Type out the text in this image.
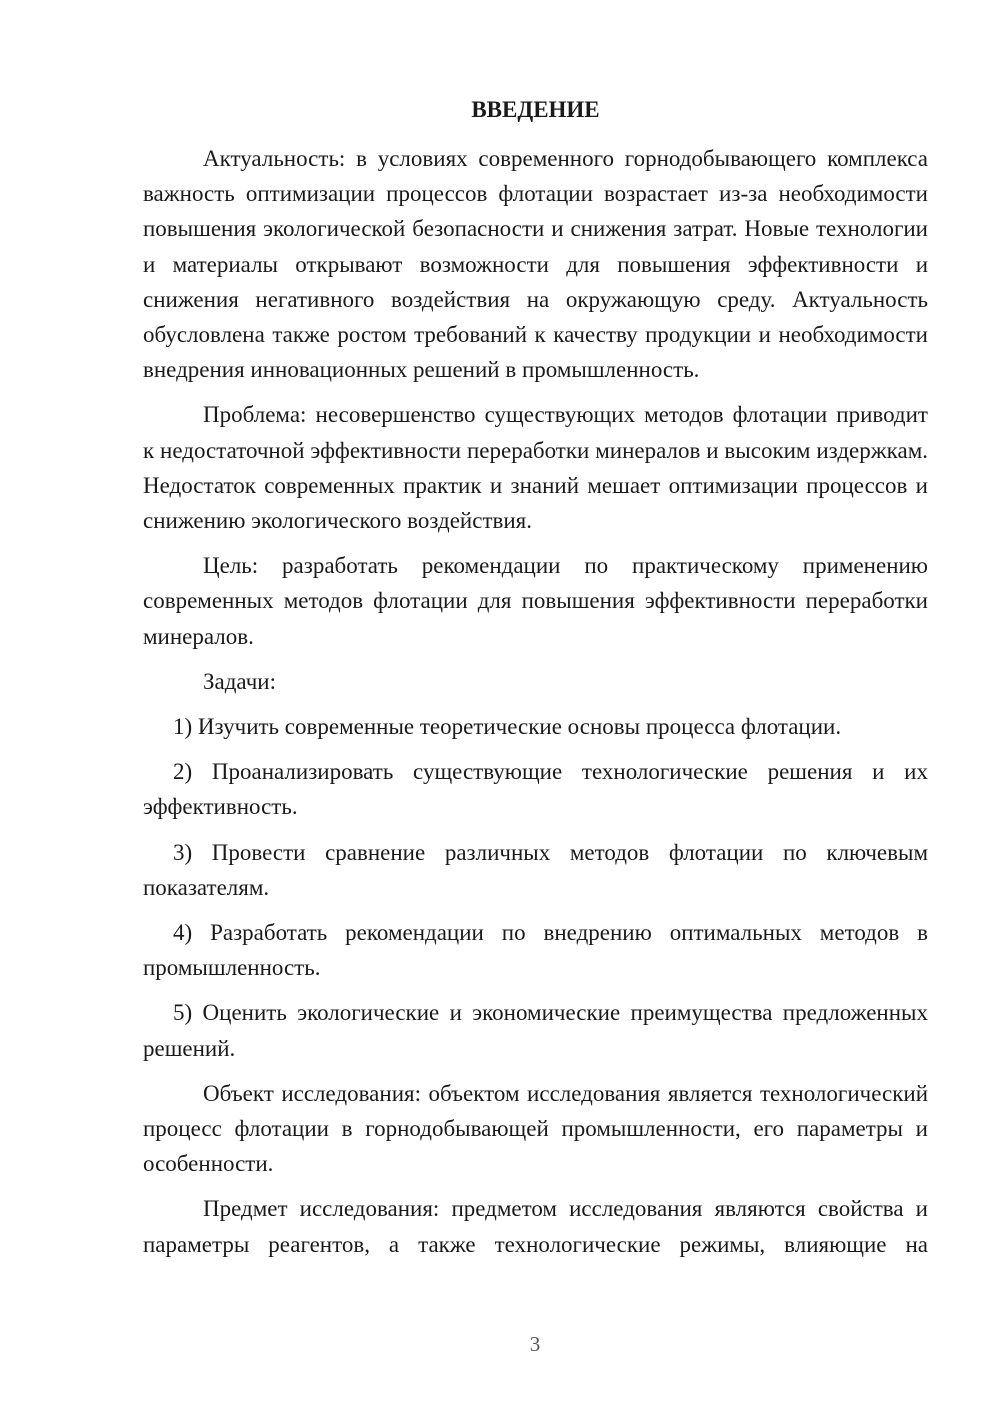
ВВЕДЕНИЕ

Актуальность: в условиях современного горнодобывающего комплекса важность оптимизации процессов флотации возрастает из-за необходимости повышения экологической безопасности и снижения затрат. Новые технологии и материалы открывают возможности для повышения эффективности и снижения негативного воздействия на окружающую среду. Актуальность обусловлена также ростом требований к качеству продукции и необходимости внедрения инновационных решений в промышленность.

Проблема: несовершенство существующих методов флотации приводит к недостаточной эффективности переработки минералов и высоким издержкам. Недостаток современных практик и знаний мешает оптимизации процессов и снижению экологического воздействия.

Цель: разработать рекомендации по практическому применению современных методов флотации для повышения эффективности переработки минералов.

Задачи:

1) Изучить современные теоретические основы процесса флотации.

2) Проанализировать существующие технологические решения и их эффективность.

3) Провести сравнение различных методов флотации по ключевым показателям.

4) Разработать рекомендации по внедрению оптимальных методов в промышленность.

5) Оценить экологические и экономические преимущества предложенных решений.

Объект исследования: объектом исследования является технологический процесс флотации в горнодобывающей промышленности, его параметры и особенности.

Предмет исследования: предметом исследования являются свойства и параметры реагентов, а также технологические режимы, влияющие на

3
